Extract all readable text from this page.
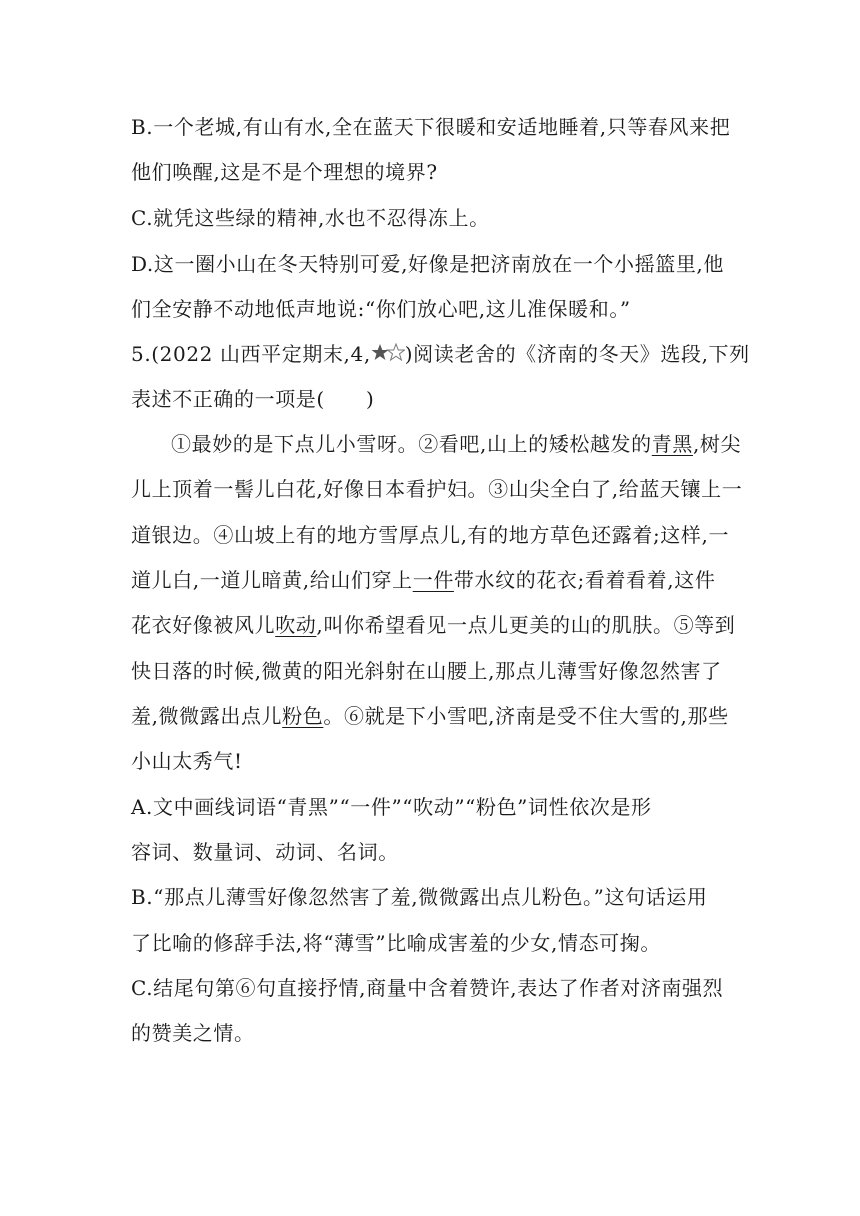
B.一个老城,有山有水,全在蓝天下很暖和安适地睡着,只等春风来把
他们唤醒,这是不是个理想的境界?
C.就凭这些绿的精神,水也不忍得冻上。
D.这一圈小山在冬天特别可爱,好像是把济南放在一个小摇篮里,他
们全安静不动地低声地说:“你们放心吧,这儿准保暖和。”
5.(2022 山西平定期末,4, )阅读老舍的《济南的冬天》选段,下列
表述不正确的一项是(　　)
①最妙的是下点儿小雪呀。②看吧,山上的矮松越发的青黑,树尖
儿上顶着一髻儿白花,好像日本看护妇。③山尖全白了,给蓝天镶上一
道银边。④山坡上有的地方雪厚点儿,有的地方草色还露着;这样,一
道儿白,一道儿暗黄,给山们穿上一件带水纹的花衣;看着看着,这件
花衣好像被风儿吹动,叫你希望看见一点儿更美的山的肌肤。⑤等到
快日落的时候,微黄的阳光斜射在山腰上,那点儿薄雪好像忽然害了
羞,微微露出点儿粉色。⑥就是下小雪吧,济南是受不住大雪的,那些
小山太秀气!
A.文中画线词语“青黑”“一件”“吹动”“粉色”词性依次是形
容词、数量词、动词、名词。
B.“那点儿薄雪好像忽然害了羞,微微露出点儿粉色。”这句话运用
了比喻的修辞手法,将“薄雪”比喻成害羞的少女,情态可掬。
C.结尾句第⑥句直接抒情,商量中含着赞许,表达了作者对济南强烈
的赞美之情。
